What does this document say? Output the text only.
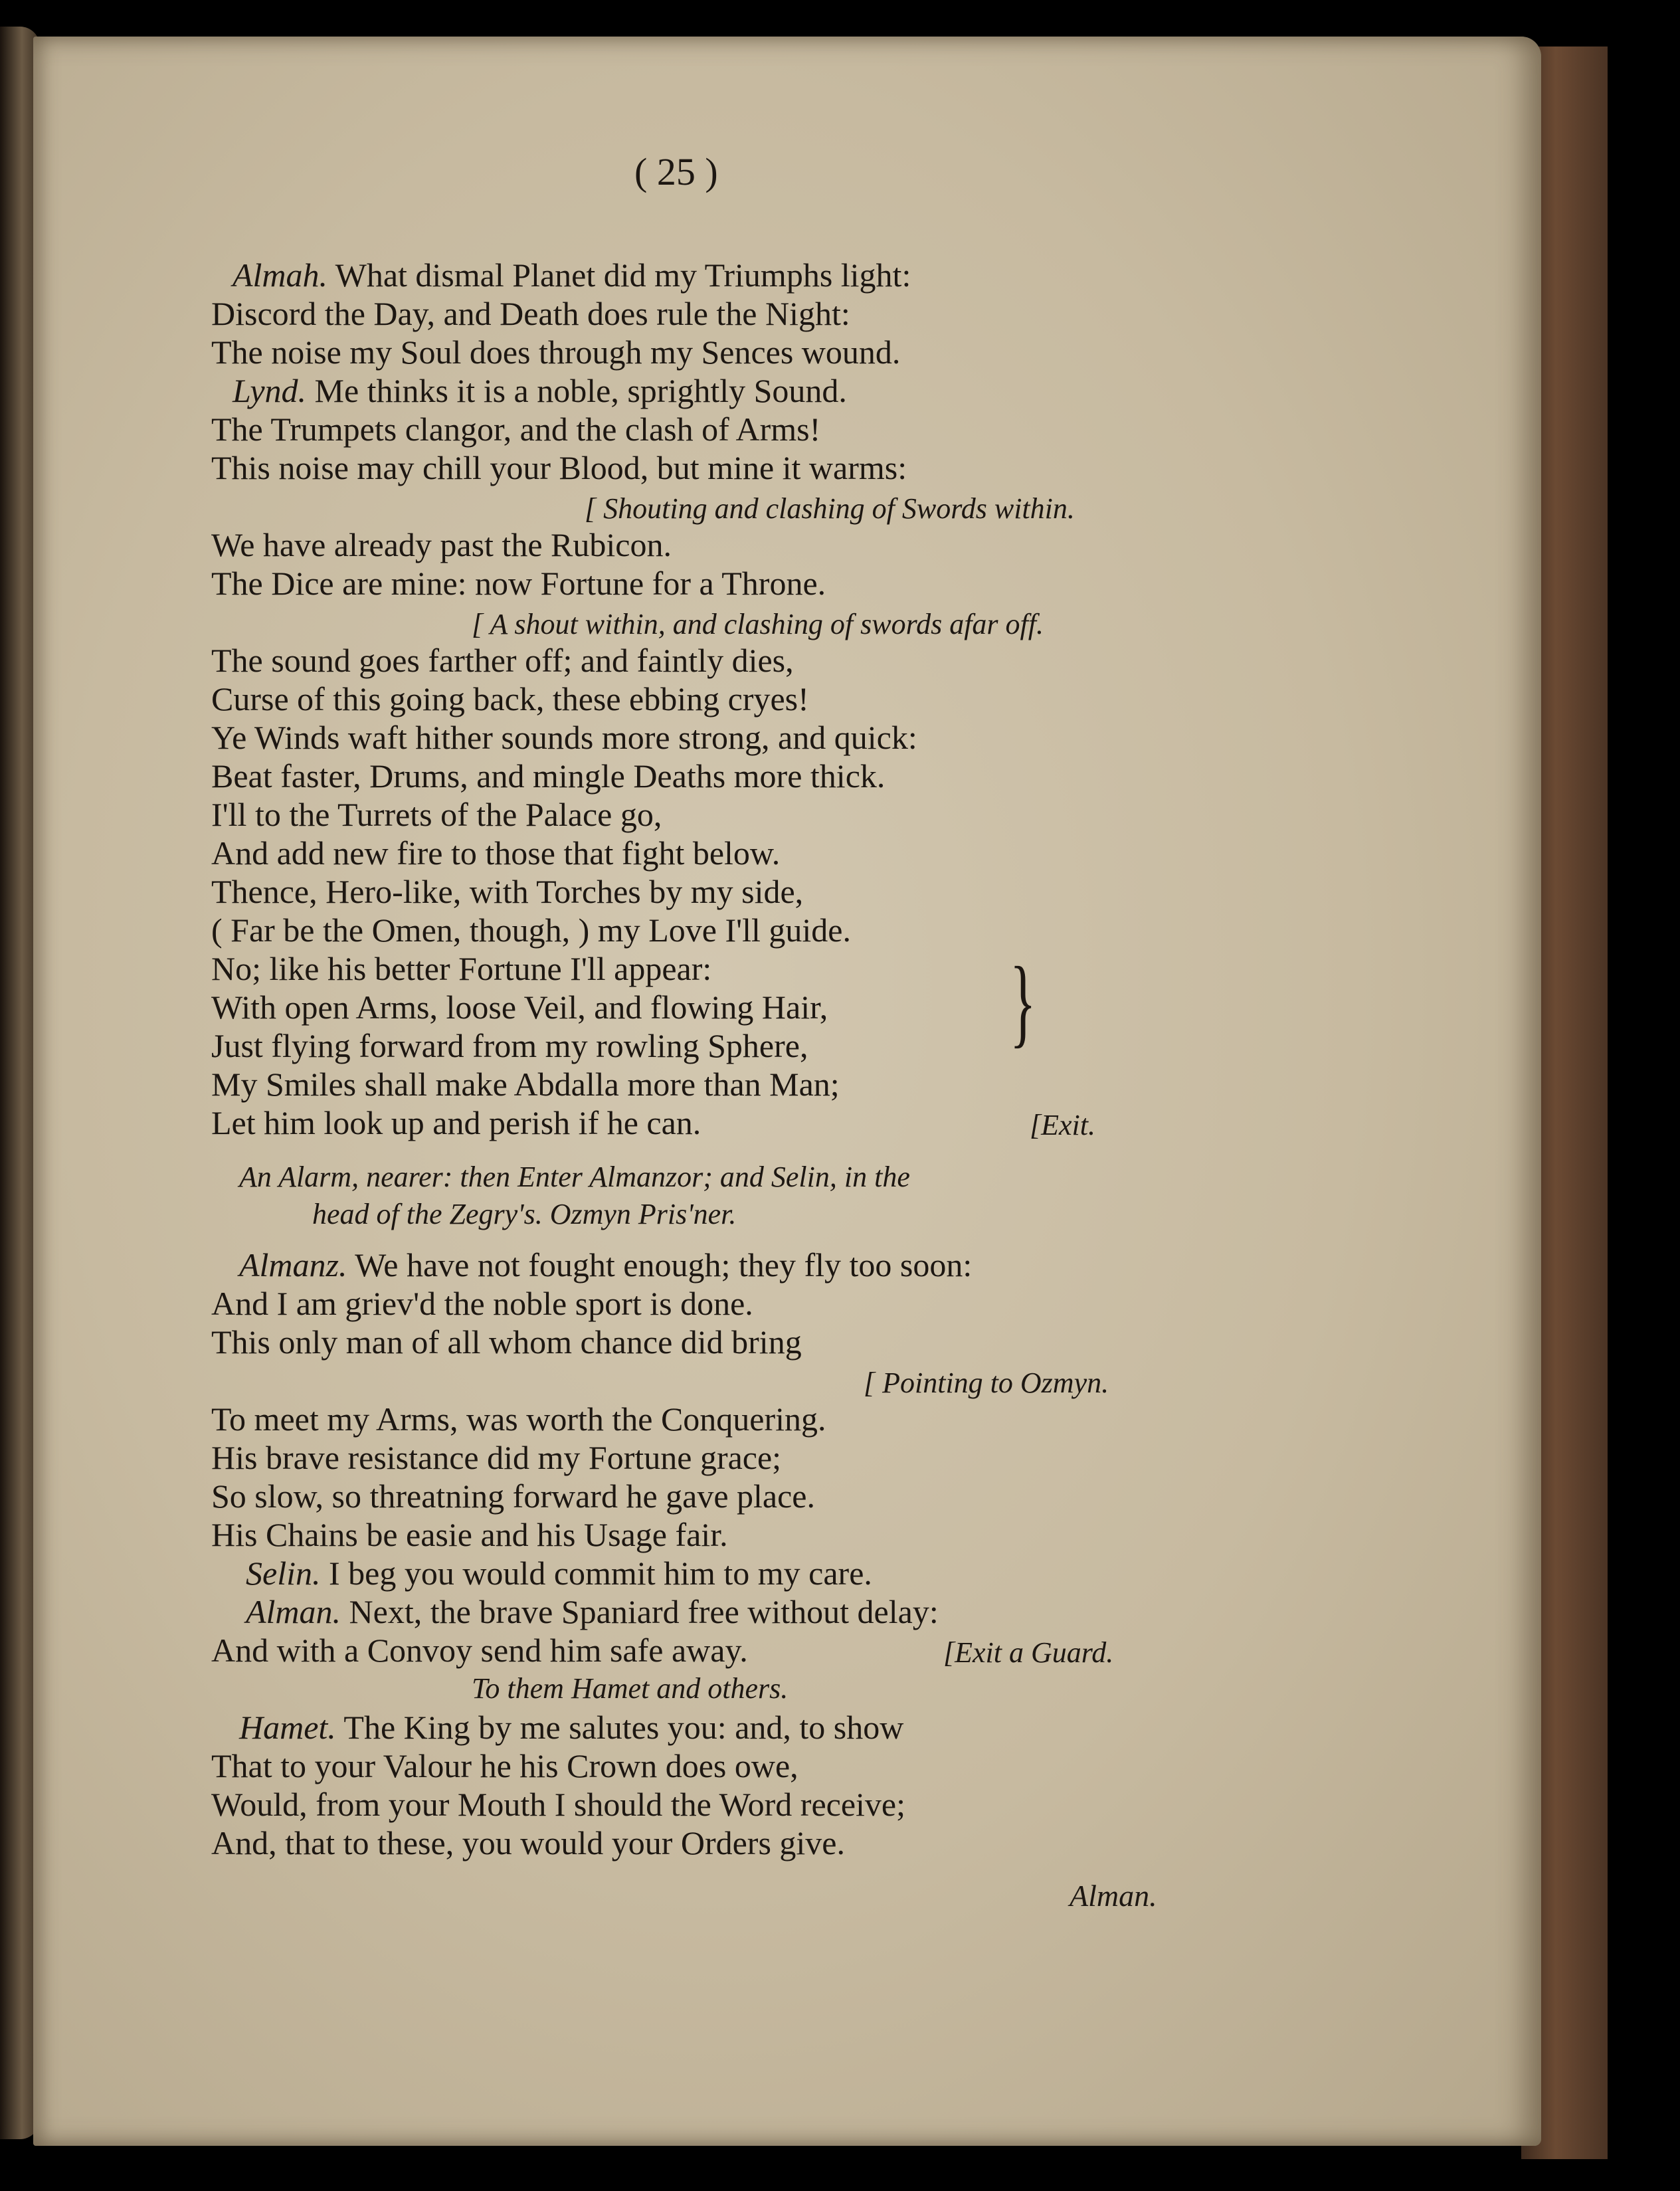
( 25 )
Almah. What dismal Planet did my Triumphs light:
Discord the Day, and Death does rule the Night:
The noise my Soul does through my Sences wound.
Lynd. Me thinks it is a noble, sprightly Sound.
The Trumpets clangor, and the clash of Arms!
This noise may chill your Blood, but mine it warms:
[ Shouting and clashing of Swords within.
We have already past the Rubicon.
The Dice are mine: now Fortune for a Throne.
[ A shout within, and clashing of swords afar off.
The sound goes farther off; and faintly dies,
Curse of this going back, these ebbing cryes!
Ye Winds waft hither sounds more strong, and quick:
Beat faster, Drums, and mingle Deaths more thick.
I'll to the Turrets of the Palace go,
And add new fire to those that fight below.
Thence, Hero-like, with Torches by my side,
( Far be the Omen, though, ) my Love I'll guide.
No; like his better Fortune I'll appear:
With open Arms, loose Veil, and flowing Hair,
Just flying forward from my rowling Sphere,
My Smiles shall make Abdalla more than Man;
}
Let him look up and perish if he can.	[Exit.
An Alarm, nearer: then Enter Almanzor; and Selin, in the
head of the Zegry's. Ozmyn Pris'ner.
Almanz. We have not fought enough; they fly too soon:
And I am griev'd the noble sport is done.
This only man of all whom chance did bring
[ Pointing to Ozmyn.
To meet my Arms, was worth the Conquering.
His brave resistance did my Fortune grace;
So slow, so threatning forward he gave place.
His Chains be easie and his Usage fair.
Selin. I beg you would commit him to my care.
Alman. Next, the brave Spaniard free without delay:
And with a Convoy send him safe away.	[Exit a Guard.
To them Hamet and others.
Hamet. The King by me salutes you: and, to show
That to your Valour he his Crown does owe,
Would, from your Mouth I should the Word receive;
And, that to these, you would your Orders give.
Alman.
